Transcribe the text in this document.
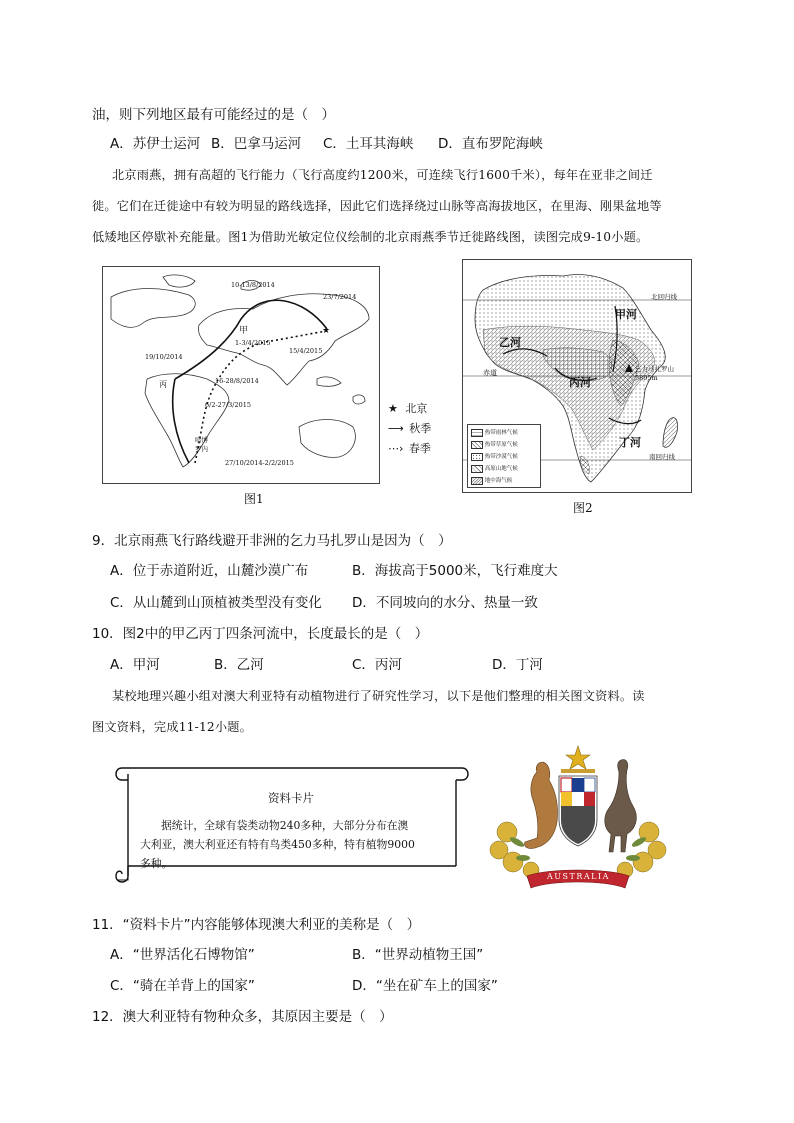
油，则下列地区最有可能经过的是（　）
A．苏伊士运河 B．巴拿马运河 C．土耳其海峡 D．直布罗陀海峡
北京雨燕，拥有高超的飞行能力（飞行高度约1200米，可连续飞行1600千米），每年在亚非之间迁
徙。它们在迁徙途中有较为明显的路线选择，因此它们选择绕过山脉等高海拔地区，在里海、刚果盆地等
低矮地区停歇补充能量。图1为借助光敏定位仪绘制的北京雨燕季节迁徙路线图，读图完成9-10小题。
★
10-13/8/2014
23/7/2014
1-3/4/2015
19/10/2014
15/4/2015
16-28/8/2014
6/2-27/3/2015
27/10/2014-2/2/2015
甲
丙
哈博罗内
★ 北京
⟶ 秋季
⋯› 春季
图1
北回归线
赤道
南回归线
甲河
乙河
丙河
丁河
乞力马扎罗山
5895m
热带雨林气候
热带草原气候
热带沙漠气候
高原山地气候
地中海气候
图2
9．北京雨燕飞行路线避开非洲的乞力马扎罗山是因为（　）
A．位于赤道附近，山麓沙漠广布	B．海拔高于5000米，飞行难度大
C．从山麓到山顶植被类型没有变化 D．不同坡向的水分、热量一致
10．图2中的甲乙丙丁四条河流中，长度最长的是（　）
A．甲河	B．乙河	C．丙河	D．丁河
某校地理兴趣小组对澳大利亚特有动植物进行了研究性学习，以下是他们整理的相关图文资料。读
图文资料，完成11-12小题。
资料卡片
据统计，全球有袋类动物240多种，大部分分布在澳
大利亚，澳大利亚还有特有鸟类450多种，特有植物9000
多种。
AUSTRALIA
11．“资料卡片”内容能够体现澳大利亚的美称是（　）
A．“世界活化石博物馆”	B．“世界动植物王国”
C．“骑在羊背上的国家”	D．“坐在矿车上的国家”
12．澳大利亚特有物种众多，其原因主要是（　）
